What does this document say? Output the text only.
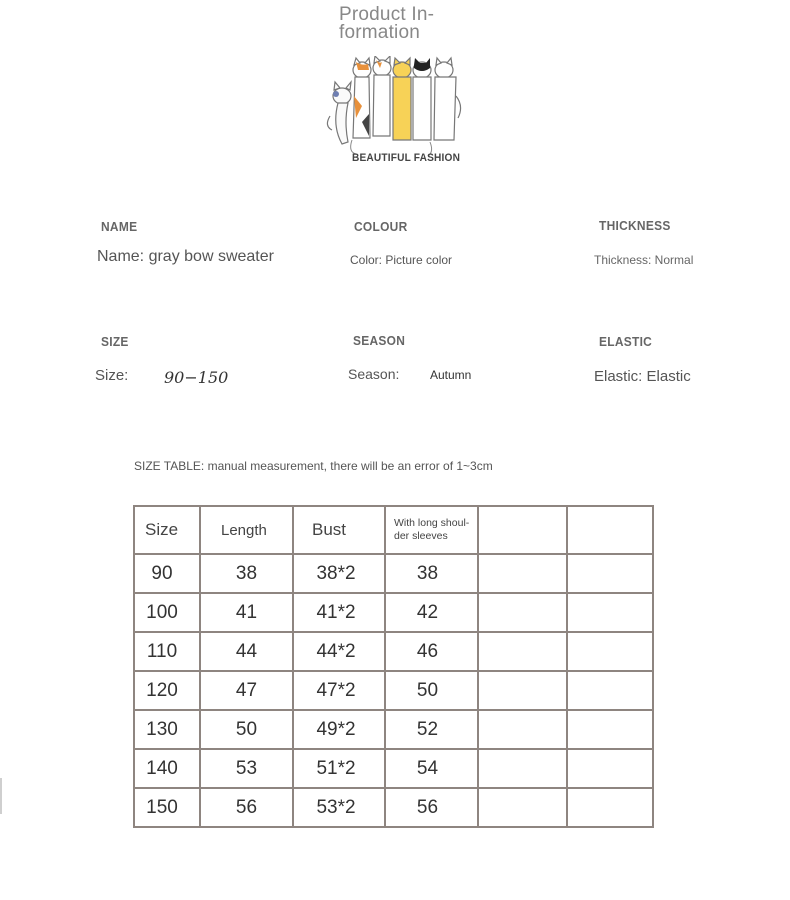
Product In-formation
BEAUTIFUL FASHION
NAME
Name: gray bow sweater
COLOUR
Color: Picture color
THICKNESS
Thickness: Normal
SIZE
Size: 90−150
SEASON
Season:	Autumn
ELASTIC
Elastic: Elastic
SIZE TABLE: manual measurement, there will be an error of 1~3cm
Size	Length	Bust	With long shoul-der sleeves		
90	38	38*2	38		
100	41	41*2	42		
110	44	44*2	46		
120	47	47*2	50		
130	50	49*2	52		
140	53	51*2	54		
150	56	53*2	56		
